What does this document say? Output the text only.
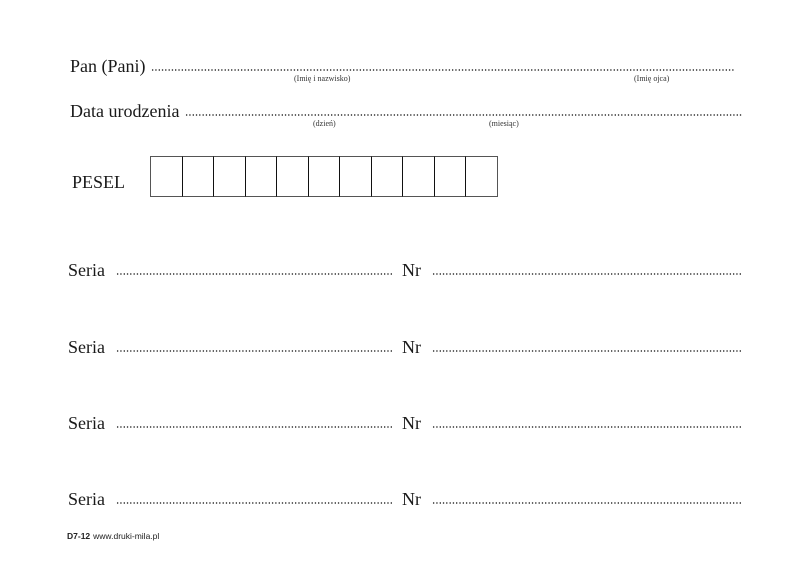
Pan (Pani)
(Imię i nazwisko)	(Imię ojca)
Data urodzenia
(dzień)	(miesiąc)
PESEL
Seria	Nr
Seria	Nr
Seria	Nr
Seria	Nr
D7-12 www.druki-mila.pl
